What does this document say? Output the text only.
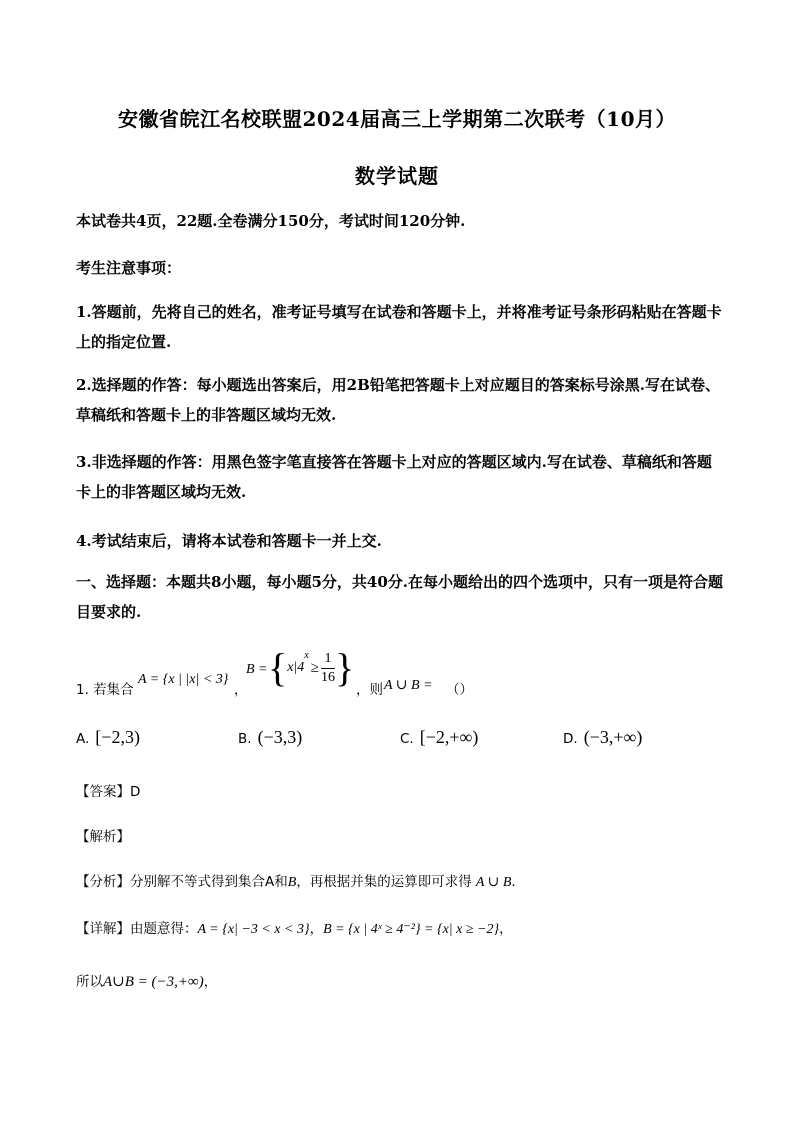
安徽省皖江名校联盟2024届高三上学期第二次联考（10月）
数学试题
本试卷共4页，22题.全卷满分150分，考试时间120分钟.
考生注意事项：
1.答题前，先将自己的姓名，准考证号填写在试卷和答题卡上，并将准考证号条形码粘贴在答题卡上的指定位置.
2.选择题的作答：每小题选出答案后，用2B铅笔把答题卡上对应题目的答案标号涂黑.写在试卷、草稿纸和答题卡上的非答题区域均无效.
3.非选择题的作答：用黑色签字笔直接答在答题卡上对应的答题区域内.写在试卷、草稿纸和答题卡上的非答题区域均无效.
4.考试结束后，请将本试卷和答题卡一并上交.
一、选择题：本题共8小题，每小题5分，共40分.在每小题给出的四个选项中，只有一项是符合题目要求的.
1. 若集合
A = {x | |x| < 3}
，
$B = \{x|4^x\ge \frac{1}{16}$ } ，则 A ∪ B = （）
A. [−2,3)	B. (−3,3)	C. [−2,+∞)	D. (−3,+∞)
【答案】D
【解析】
【分析】分别解不等式得到集合A和B，再根据并集的运算即可求得 A ∪ B.
【详解】由题意得：A = {x| −3 < x < 3}，B = {x | 4ˣ ≥ 4⁻²} = {x| x ≥ −2}，
所以A∪B = (−3,+∞)，
